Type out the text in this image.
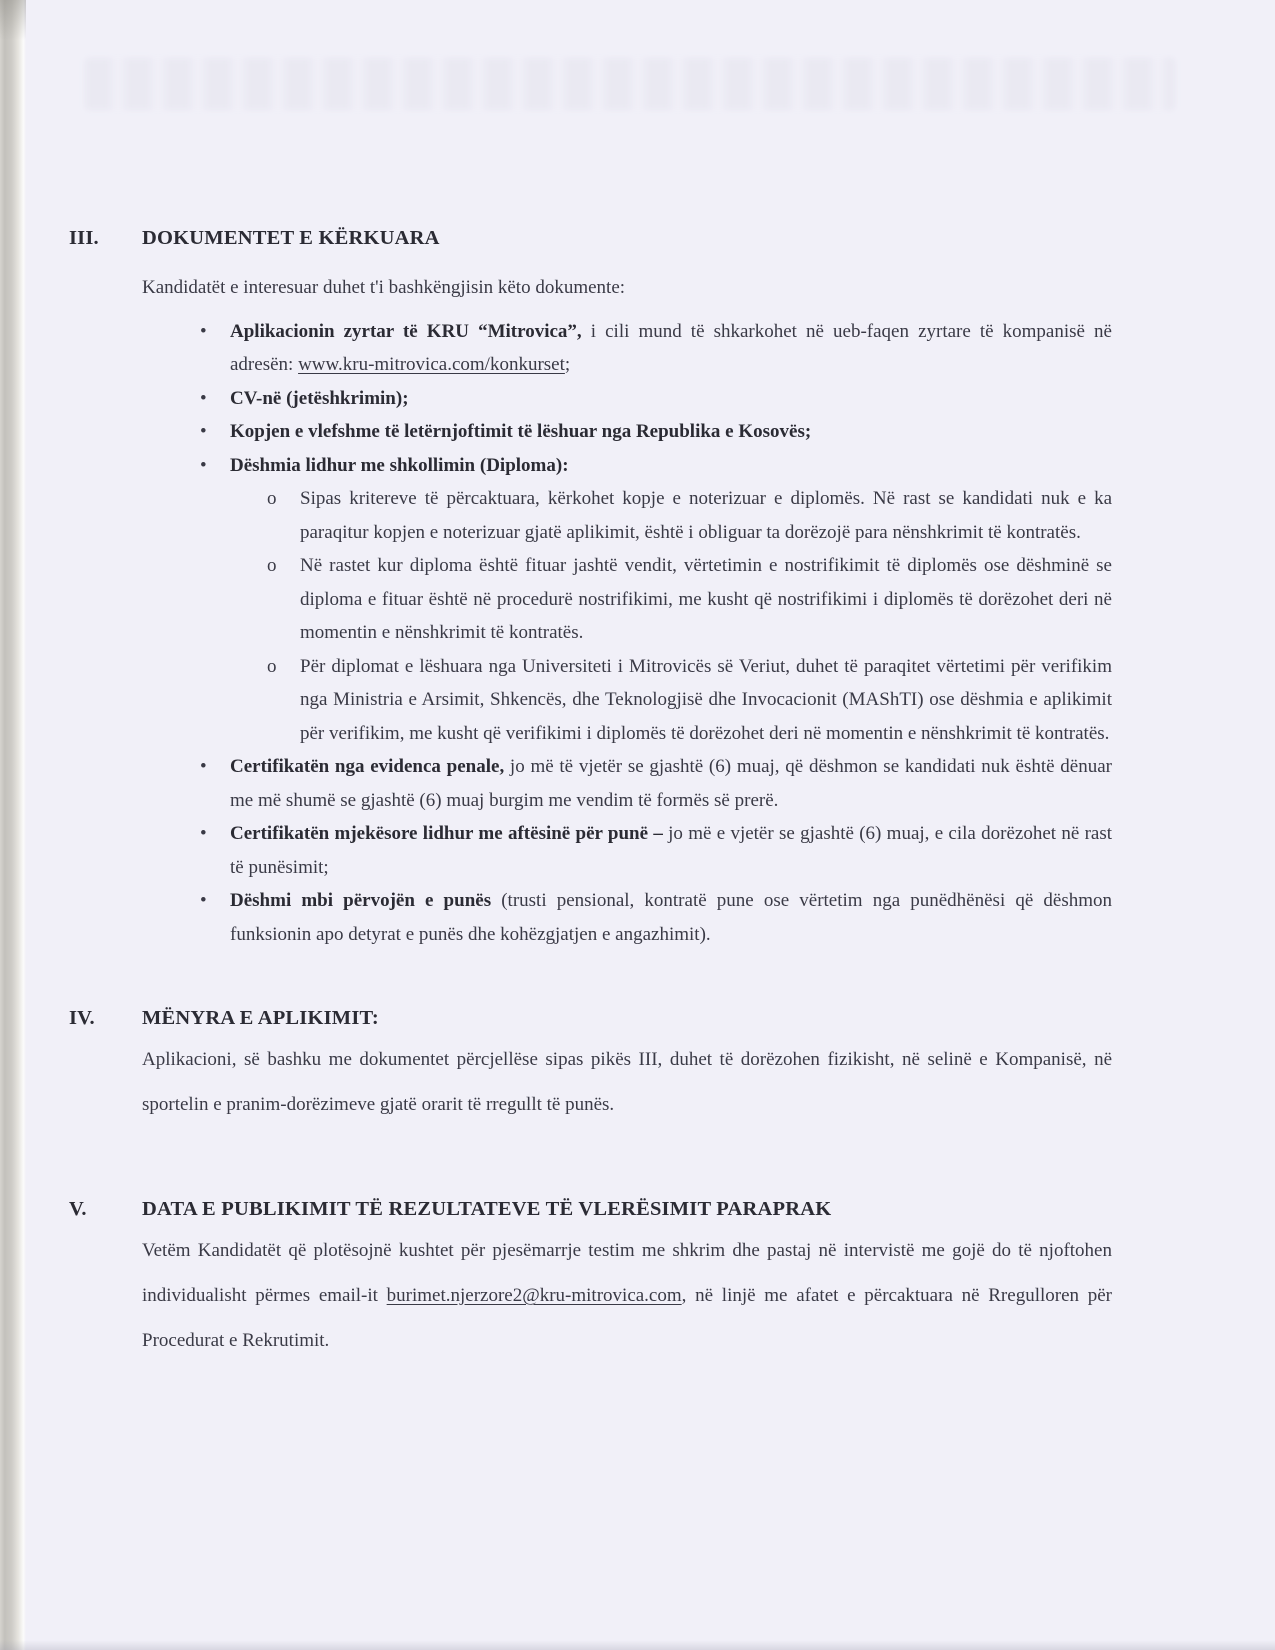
III. DOKUMENTET E KËRKUARA

Kandidatët e interesuar duhet t'i bashkëngjisin këto dokumente:

• Aplikacionin zyrtar të KRU “Mitrovica”, i cili mund të shkarkohet në ueb-faqen zyrtare të kompanisë në adresën: www.kru-mitrovica.com/konkurset;
• CV-në (jetëshkrimin);
• Kopjen e vlefshme të letërnjoftimit të lëshuar nga Republika e Kosovës;
• Dëshmia lidhur me shkollimin (Diploma):
o Sipas kritereve të përcaktuara, kërkohet kopje e noterizuar e diplomës. Në rast se kandidati nuk e ka paraqitur kopjen e noterizuar gjatë aplikimit, është i obliguar ta dorëzojë para nënshkrimit të kontratës.
o Në rastet kur diploma është fituar jashtë vendit, vërtetimin e nostrifikimit të diplomës ose dëshminë se diploma e fituar është në procedurë nostrifikimi, me kusht që nostrifikimi i diplomës të dorëzohet deri në momentin e nënshkrimit të kontratës.
o Për diplomat e lëshuara nga Universiteti i Mitrovicës së Veriut, duhet të paraqitet vërtetimi për verifikim nga Ministria e Arsimit, Shkencës, dhe Teknologjisë dhe Invocacionit (MAShTI) ose dëshmia e aplikimit për verifikim, me kusht që verifikimi i diplomës të dorëzohet deri në momentin e nënshkrimit të kontratës.
• Certifikatën nga evidenca penale, jo më të vjetër se gjashtë (6) muaj, që dëshmon se kandidati nuk është dënuar me më shumë se gjashtë (6) muaj burgim me vendim të formës së prerë.
• Certifikatën mjekësore lidhur me aftësinë për punë – jo më e vjetër se gjashtë (6) muaj, e cila dorëzohet në rast të punësimit;
• Dëshmi mbi përvojën e punës (trusti pensional, kontratë pune ose vërtetim nga punëdhënësi që dëshmon funksionin apo detyrat e punës dhe kohëzgjatjen e angazhimit).
IV. MËNYRA E APLIKIMIT:

Aplikacioni, së bashku me dokumentet përcjellëse sipas pikës III, duhet të dorëzohen fizikisht, në selinë e Kompanisë, në sportelin e pranim-dorëzimeve gjatë orarit të rregullt të punës.

V.	DATA E PUBLIKIMIT TË REZULTATEVE TË VLERËSIMIT PARAPRAK

Vetëm Kandidatët që plotësojnë kushtet për pjesëmarrje testim me shkrim dhe pastaj në intervistë me gojë do të njoftohen individualisht përmes email-it burimet.njerzore2@kru-mitrovica.com, në linjë me afatet e përcaktuara në Rregulloren për Procedurat e Rekrutimit.
